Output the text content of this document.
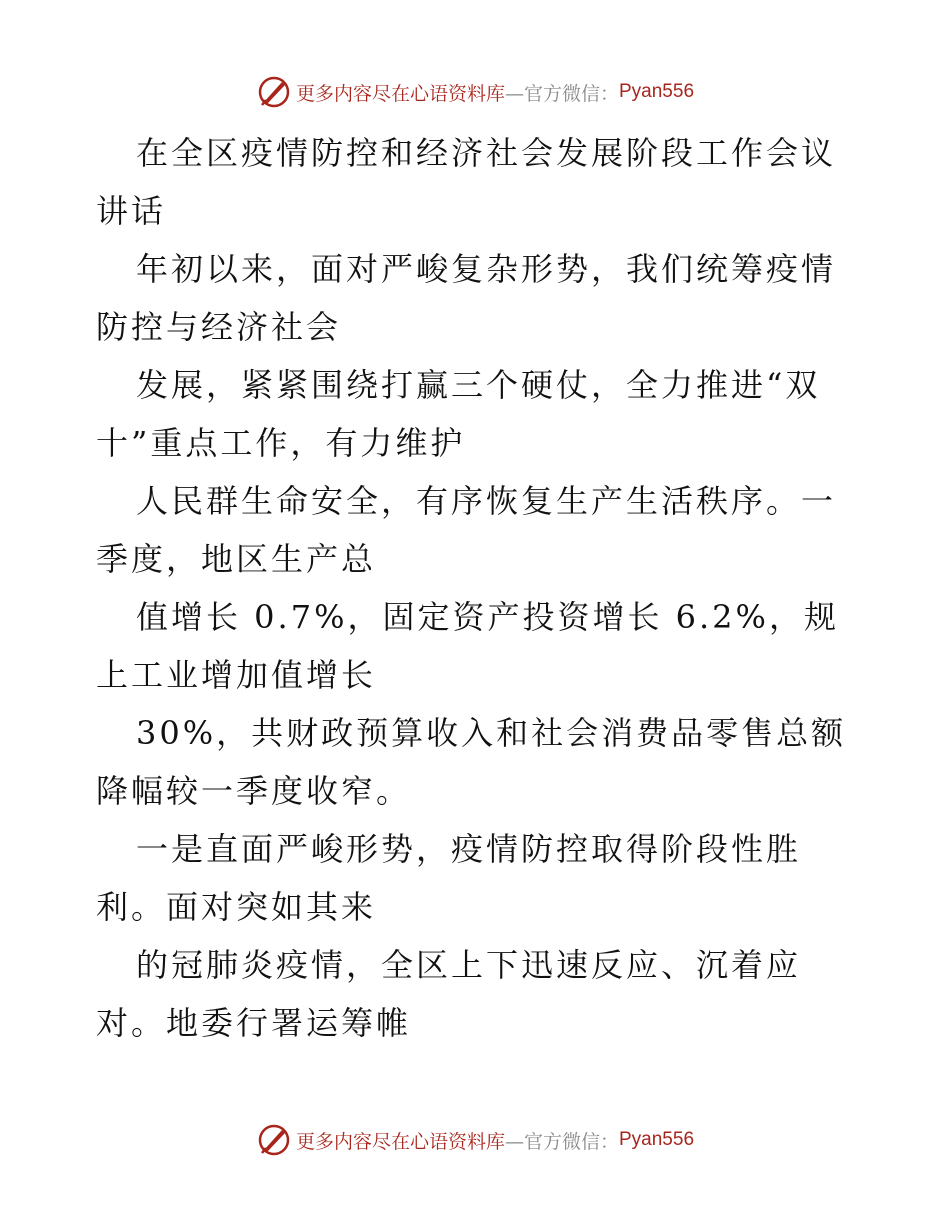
更多内容尽在心语资料库 —官方微信： Pyan556

在全区疫情防控和经济社会发展阶段工作会议讲话

年初以来，面对严峻复杂形势，我们统筹疫情防控与经济社会

发展，紧紧围绕打赢三个硬仗，全力推进“双十”重点工作，有力维护

人民群生命安全，有序恢复生产生活秩序。一季度，地区生产总

值增长 0.7%，固定资产投资增长 6.2%，规上工业增加值增长

30%，共财政预算收入和社会消费品零售总额降幅较一季度收窄。

一是直面严峻形势，疫情防控取得阶段性胜利。面对突如其来

的冠肺炎疫情，全区上下迅速反应、沉着应对。地委行署运筹帷

更多内容尽在心语资料库 —官方微信： Pyan556
